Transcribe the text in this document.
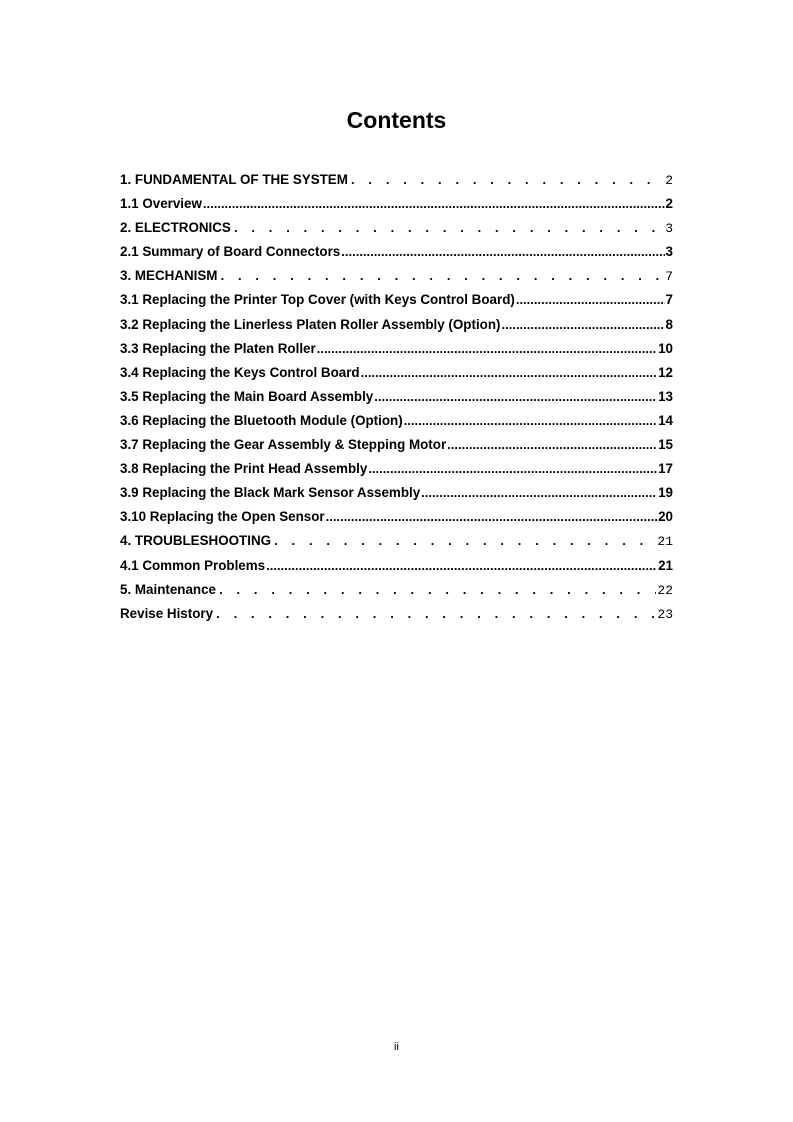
Contents
1. FUNDAMENTAL OF THE SYSTEM . . .	2
1.1 Overview .....	2
2. ELECTRONICS . . .	3
2.1 Summary of Board Connectors .....	3
3. MECHANISM . . .	7
3.1 Replacing the Printer Top Cover (with Keys Control Board) .....	7
3.2 Replacing the Linerless Platen Roller Assembly (Option) .....	8
3.3 Replacing the Platen Roller .....	10
3.4 Replacing the Keys Control Board .....	12
3.5 Replacing the Main Board Assembly .....	13
3.6 Replacing the Bluetooth Module (Option) .....	14
3.7 Replacing the Gear Assembly & Stepping Motor .....	15
3.8 Replacing the Print Head Assembly .....	17
3.9 Replacing the Black Mark Sensor Assembly .....	19
3.10 Replacing the Open Sensor .....	20
4. TROUBLESHOOTING . . .	21
4.1 Common Problems .....	21
5. Maintenance . . .	22
Revise History . . .	23

ii
